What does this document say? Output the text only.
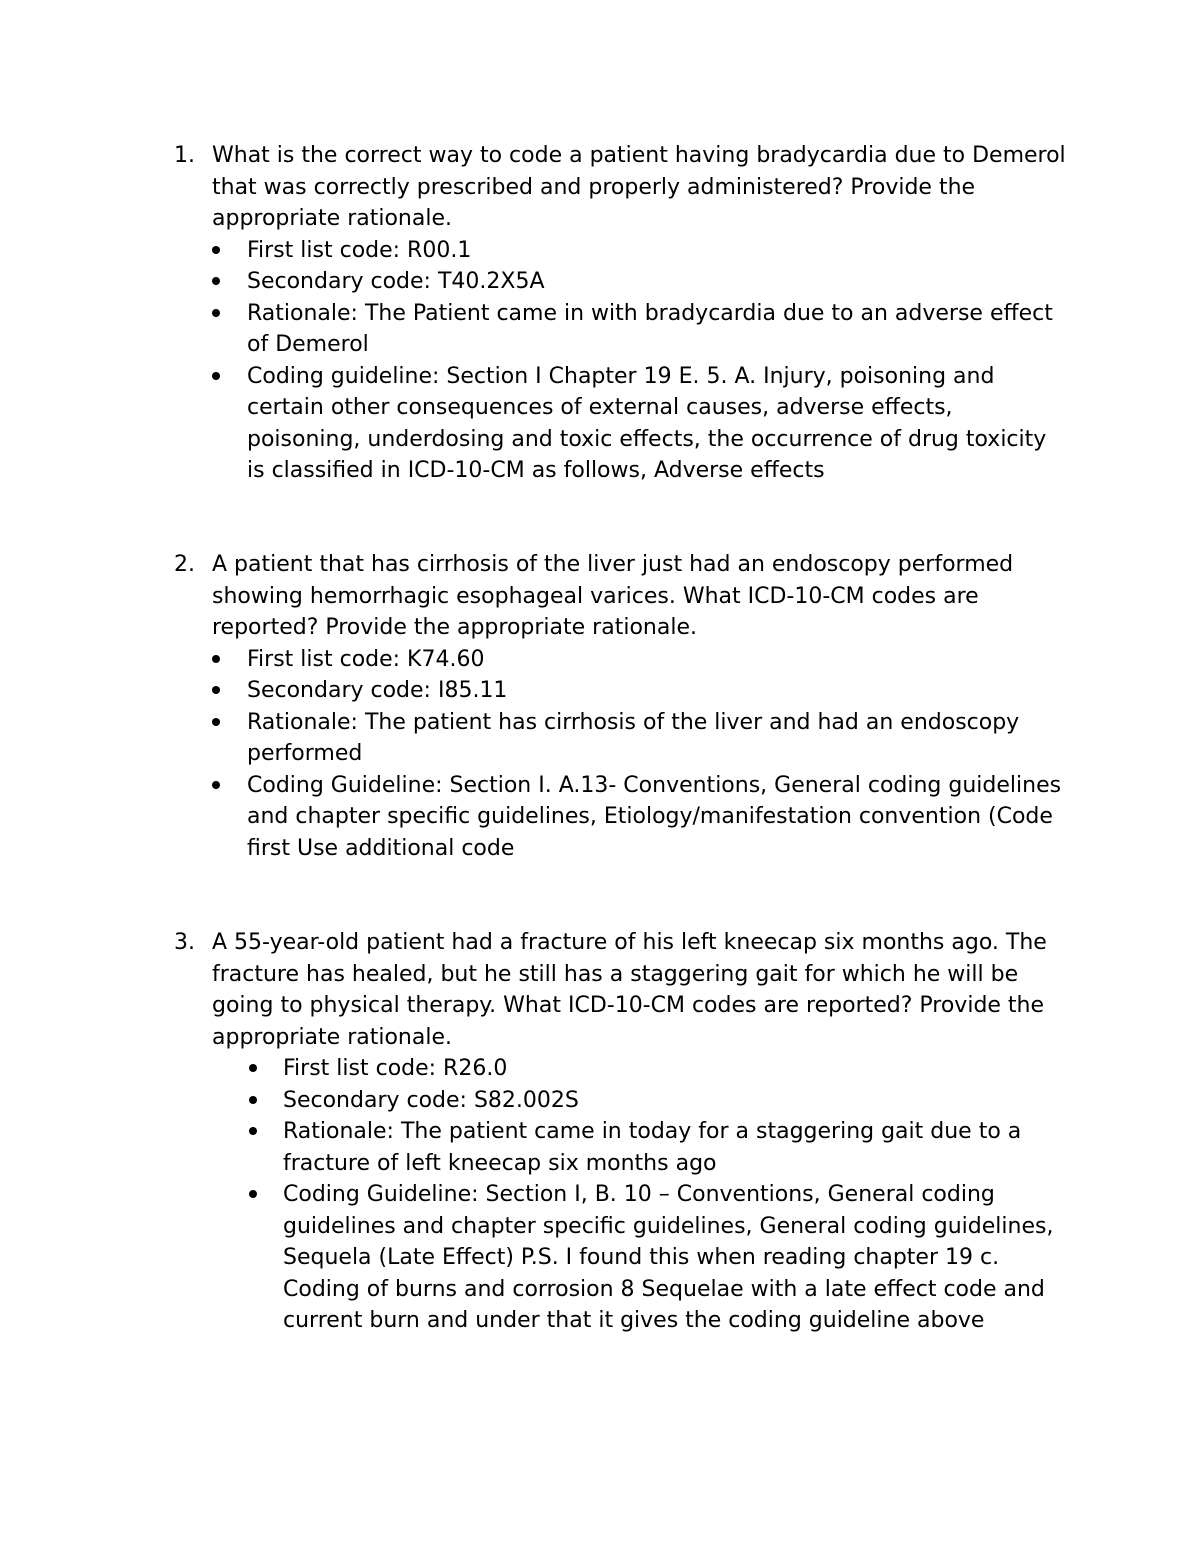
1. What is the correct way to code a patient having bradycardia due to Demerol that was correctly prescribed and properly administered? Provide the appropriate rationale.

First list code: R00.1
Secondary code: T40.2X5A
Rationale: The Patient came in with bradycardia due to an adverse effect of Demerol
Coding guideline: Section I Chapter 19 E. 5. A. Injury, poisoning and certain other consequences of external causes, adverse effects, poisoning, underdosing and toxic effects, the occurrence of drug toxicity is classified in ICD-10-CM as follows, Adverse effects
2. A patient that has cirrhosis of the liver just had an endoscopy performed showing hemorrhagic esophageal varices. What ICD-10-CM codes are reported? Provide the appropriate rationale.

First list code: K74.60
Secondary code: I85.11
Rationale: The patient has cirrhosis of the liver and had an endoscopy performed
Coding Guideline: Section I. A.13- Conventions, General coding guidelines and chapter specific guidelines, Etiology/manifestation convention (Code first Use additional code
3. A 55-year-old patient had a fracture of his left kneecap six months ago. The fracture has healed, but he still has a staggering gait for which he will be going to physical therapy. What ICD-10-CM codes are reported? Provide the appropriate rationale.

First list code: R26.0
Secondary code: S82.002S
Rationale: The patient came in today for a staggering gait due to a fracture of left kneecap six months ago
Coding Guideline: Section I, B. 10 – Conventions, General coding guidelines and chapter specific guidelines, General coding guidelines, Sequela (Late Effect) P.S. I found this when reading chapter 19 c. Coding of burns and corrosion 8 Sequelae with a late effect code and current burn and under that it gives the coding guideline above
